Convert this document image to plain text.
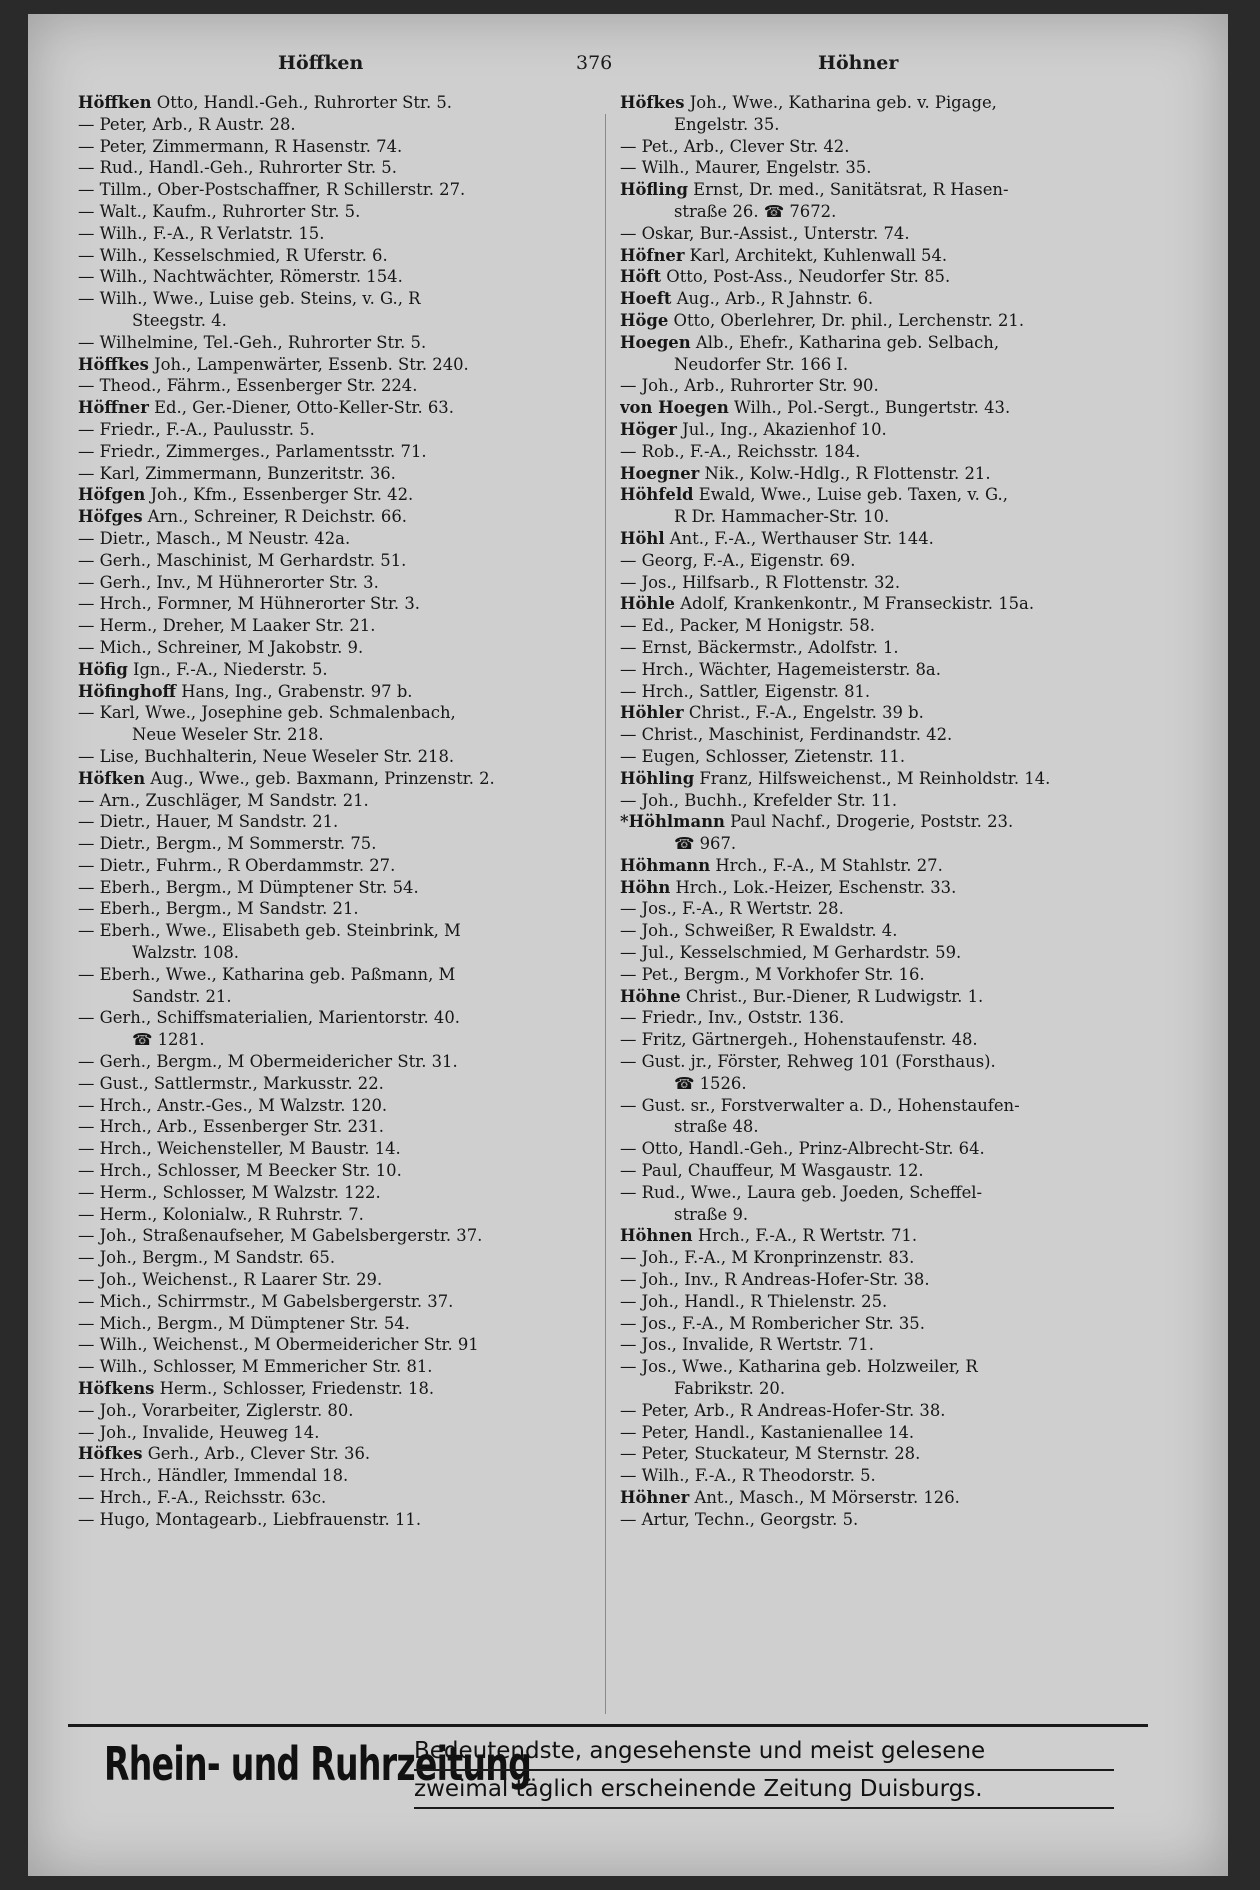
Höffken	376	Höhner
Höffken Otto, Handl.-Geh., Ruhrorter Str. 5.
— Peter, Arb., R Austr. 28.
— Peter, Zimmermann, R Hasenstr. 74.
— Rud., Handl.-Geh., Ruhrorter Str. 5.
— Tillm., Ober-Postschaffner, R Schillerstr. 27.
— Walt., Kaufm., Ruhrorter Str. 5.
— Wilh., F.-A., R Verlatstr. 15.
— Wilh., Kesselschmied, R Uferstr. 6.
— Wilh., Nachtwächter, Römerstr. 154.
— Wilh., Wwe., Luise geb. Steins, v. G., R
Steegstr. 4.
— Wilhelmine, Tel.-Geh., Ruhrorter Str. 5.
Höffkes Joh., Lampenwärter, Essenb. Str. 240.
— Theod., Fährm., Essenberger Str. 224.
Höffner Ed., Ger.-Diener, Otto-Keller-Str. 63.
— Friedr., F.-A., Paulusstr. 5.
— Friedr., Zimmerges., Parlamentsstr. 71.
— Karl, Zimmermann, Bunzeritstr. 36.
Höfgen Joh., Kfm., Essenberger Str. 42.
Höfges Arn., Schreiner, R Deichstr. 66.
— Dietr., Masch., M Neustr. 42a.
— Gerh., Maschinist, M Gerhardstr. 51.
— Gerh., Inv., M Hühnerorter Str. 3.
— Hrch., Formner, M Hühnerorter Str. 3.
— Herm., Dreher, M Laaker Str. 21.
— Mich., Schreiner, M Jakobstr. 9.
Höfig Ign., F.-A., Niederstr. 5.
Höfinghoff Hans, Ing., Grabenstr. 97 b.
— Karl, Wwe., Josephine geb. Schmalenbach,
Neue Weseler Str. 218.
— Lise, Buchhalterin, Neue Weseler Str. 218.
Höfken Aug., Wwe., geb. Baxmann, Prinzenstr. 2.
— Arn., Zuschläger, M Sandstr. 21.
— Dietr., Hauer, M Sandstr. 21.
— Dietr., Bergm., M Sommerstr. 75.
— Dietr., Fuhrm., R Oberdammstr. 27.
— Eberh., Bergm., M Dümptener Str. 54.
— Eberh., Bergm., M Sandstr. 21.
— Eberh., Wwe., Elisabeth geb. Steinbrink, M
Walzstr. 108.
— Eberh., Wwe., Katharina geb. Paßmann, M
Sandstr. 21.
— Gerh., Schiffsmaterialien, Marientorstr. 40.
☎ 1281.
— Gerh., Bergm., M Obermeidericher Str. 31.
— Gust., Sattlermstr., Markusstr. 22.
— Hrch., Anstr.-Ges., M Walzstr. 120.
— Hrch., Arb., Essenberger Str. 231.
— Hrch., Weichensteller, M Baustr. 14.
— Hrch., Schlosser, M Beecker Str. 10.
— Herm., Schlosser, M Walzstr. 122.
— Herm., Kolonialw., R Ruhrstr. 7.
— Joh., Straßenaufseher, M Gabelsbergerstr. 37.
— Joh., Bergm., M Sandstr. 65.
— Joh., Weichenst., R Laarer Str. 29.
— Mich., Schirrmstr., M Gabelsbergerstr. 37.
— Mich., Bergm., M Dümptener Str. 54.
— Wilh., Weichenst., M Obermeidericher Str. 91
— Wilh., Schlosser, M Emmericher Str. 81.
Höfkens Herm., Schlosser, Friedenstr. 18.
— Joh., Vorarbeiter, Ziglerstr. 80.
— Joh., Invalide, Heuweg 14.
Höfkes Gerh., Arb., Clever Str. 36.
— Hrch., Händler, Immendal 18.
— Hrch., F.-A., Reichsstr. 63c.
— Hugo, Montagearb., Liebfrauenstr. 11.
Höfkes Joh., Wwe., Katharina geb. v. Pigage,
Engelstr. 35.
— Pet., Arb., Clever Str. 42.
— Wilh., Maurer, Engelstr. 35.
Höfling Ernst, Dr. med., Sanitätsrat, R Hasen-
straße 26. ☎ 7672.
— Oskar, Bur.-Assist., Unterstr. 74.
Höfner Karl, Architekt, Kuhlenwall 54.
Höft Otto, Post-Ass., Neudorfer Str. 85.
Hoeft Aug., Arb., R Jahnstr. 6.
Höge Otto, Oberlehrer, Dr. phil., Lerchenstr. 21.
Hoegen Alb., Ehefr., Katharina geb. Selbach,
Neudorfer Str. 166 I.
— Joh., Arb., Ruhrorter Str. 90.
von Hoegen Wilh., Pol.-Sergt., Bungertstr. 43.
Höger Jul., Ing., Akazienhof 10.
— Rob., F.-A., Reichsstr. 184.
Hoegner Nik., Kolw.-Hdlg., R Flottenstr. 21.
Höhfeld Ewald, Wwe., Luise geb. Taxen, v. G.,
R Dr. Hammacher-Str. 10.
Höhl Ant., F.-A., Werthauser Str. 144.
— Georg, F.-A., Eigenstr. 69.
— Jos., Hilfsarb., R Flottenstr. 32.
Höhle Adolf, Krankenkontr., M Franseckistr. 15a.
— Ed., Packer, M Honigstr. 58.
— Ernst, Bäckermstr., Adolfstr. 1.
— Hrch., Wächter, Hagemeisterstr. 8a.
— Hrch., Sattler, Eigenstr. 81.
Höhler Christ., F.-A., Engelstr. 39 b.
— Christ., Maschinist, Ferdinandstr. 42.
— Eugen, Schlosser, Zietenstr. 11.
Höhling Franz, Hilfsweichenst., M Reinholdstr. 14.
— Joh., Buchh., Krefelder Str. 11.
*Höhlmann Paul Nachf., Drogerie, Poststr. 23.
☎ 967.
Höhmann Hrch., F.-A., M Stahlstr. 27.
Höhn Hrch., Lok.-Heizer, Eschenstr. 33.
— Jos., F.-A., R Wertstr. 28.
— Joh., Schweißer, R Ewaldstr. 4.
— Jul., Kesselschmied, M Gerhardstr. 59.
— Pet., Bergm., M Vorkhofer Str. 16.
Höhne Christ., Bur.-Diener, R Ludwigstr. 1.
— Friedr., Inv., Oststr. 136.
— Fritz, Gärtnergeh., Hohenstaufenstr. 48.
— Gust. jr., Förster, Rehweg 101 (Forsthaus).
☎ 1526.
— Gust. sr., Forstverwalter a. D., Hohenstaufen-
straße 48.
— Otto, Handl.-Geh., Prinz-Albrecht-Str. 64.
— Paul, Chauffeur, M Wasgaustr. 12.
— Rud., Wwe., Laura geb. Joeden, Scheffel-
straße 9.
Höhnen Hrch., F.-A., R Wertstr. 71.
— Joh., F.-A., M Kronprinzenstr. 83.
— Joh., Inv., R Andreas-Hofer-Str. 38.
— Joh., Handl., R Thielenstr. 25.
— Jos., F.-A., M Rombericher Str. 35.
— Jos., Invalide, R Wertstr. 71.
— Jos., Wwe., Katharina geb. Holzweiler, R
Fabrikstr. 20.
— Peter, Arb., R Andreas-Hofer-Str. 38.
— Peter, Handl., Kastanienallee 14.
— Peter, Stuckateur, M Sternstr. 28.
— Wilh., F.-A., R Theodorstr. 5.
Höhner Ant., Masch., M Mörserstr. 126.
— Artur, Techn., Georgstr. 5.
Rhein- und Ruhrzeitung
Bedeutendste, angesehenste und meist gelesene
zweimal täglich erscheinende Zeitung Duisburgs.
